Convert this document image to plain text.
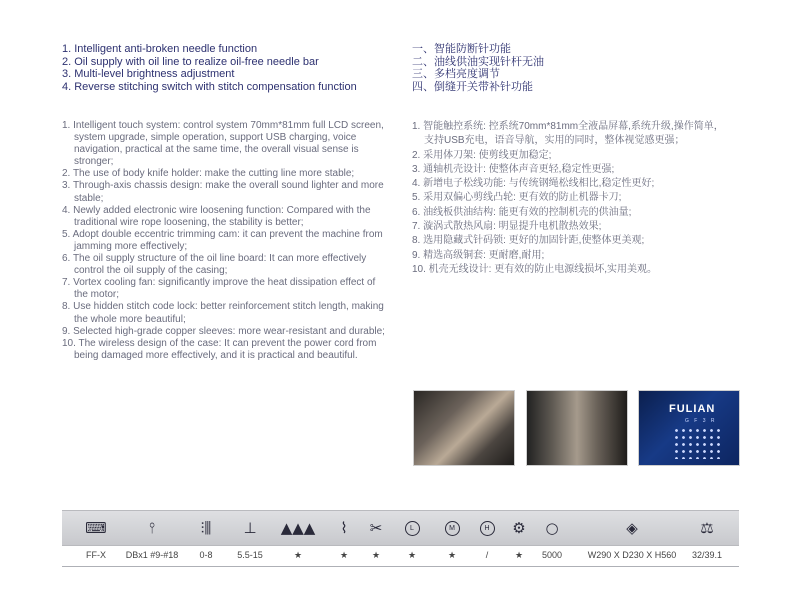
1. Intelligent anti-broken needle function
2. Oil supply with oil line to realize oil-free needle bar
3. Multi-level brightness adjustment
4. Reverse stitching switch with stitch compensation function
一、智能防断针功能
二、油线供油实现针杆无油
三、多档亮度调节
四、倒缝开关带补针功能
1. Intelligent touch system: control system 70mm*81mm full LCD screen,
system upgrade, simple operation, support USB charging, voice
navigation, practical at the same time, the overall visual sense is
stronger;
2. The use of body knife holder: make the cutting line more stable;
3. Through-axis chassis design: make the overall sound lighter and more
stable;
4. Newly added electronic wire loosening function: Compared with the
traditional wire rope loosening, the stability is better;
5. Adopt double eccentric trimming cam: it can prevent the machine from
jamming more effectively;
6. The oil supply structure of the oil line board: It can more effectively
control the oil supply of the casing;
7. Vortex cooling fan: significantly improve the heat dissipation effect of
the motor;
8. Use hidden stitch code lock: better reinforcement stitch length, making
the whole more beautiful;
9. Selected high-grade copper sleeves: more wear-resistant and durable;
10. The wireless design of the case: It can prevent the power cord from
being damaged more effectively, and it is practical and beautiful.
1. 智能触控系统: 控系统70mm*81mm全液晶屏幕,系统升级,操作简单，
支持USB充电，语音导航，实用的同时，整体视觉感更强；
2. 采用体刀架: 使剪线更加稳定;
3. 通轴机壳设计: 使整体声音更轻,稳定性更强;
4. 新增电子松线功能: 与传统钢绳松线相比,稳定性更好;
5. 采用双偏心剪线凸轮: 更有效的防止机器卡刀;
6. 油线板供油结构: 能更有效的控制机壳的供油量;
7. 漩涡式散热风扇: 明显提升电机散热效果;
8. 选用隐藏式针码锁: 更好的加固针距,使整体更美观;
9. 精选高级铜套: 更耐磨,耐用;
10. 机壳无线设计: 更有效的防止电源线损坏,实用美观。
FULIAN
G F 3 R
⌨	⫯	⫶⫼	⊥	▲▲▲	⌇	✂	L	M	H	⚙	○	◈	⚖
FF-X	DBx1 #9-#18	0-8	5.5-15	★	★	★	★	★	/	★	5000	W290 X D230 X H560	32/39.1
